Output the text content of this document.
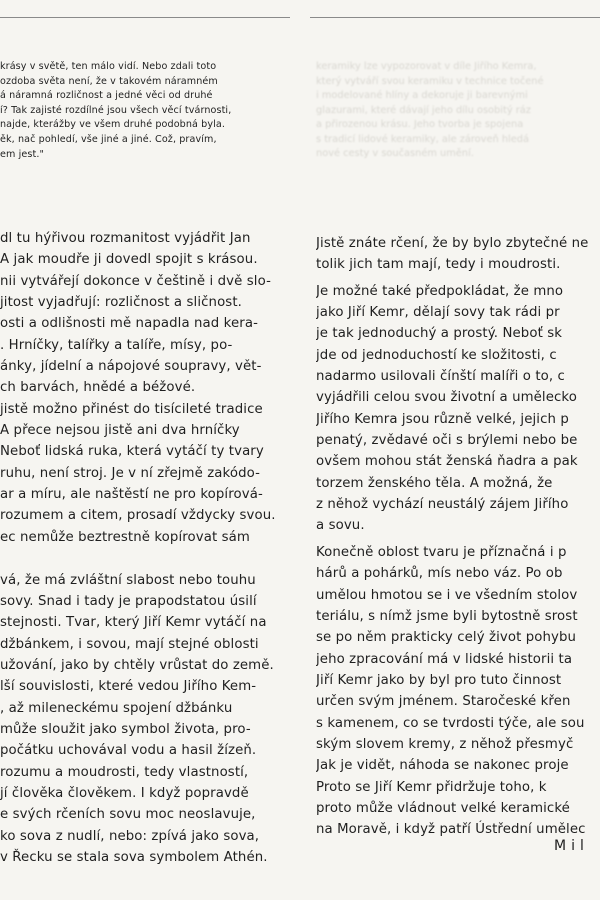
krásy v světě, ten málo vidí. Nebo zdali toto
ozdoba světa není, že v takovém náramném
á náramná rozličnost a jedné věci od druhé
í? Tak zajisté rozdílné jsou všech věcí tvárnosti,
najde, kterážby ve všem druhé podobná byla.
ěk, nač pohledí, vše jiné a jiné. Což, pravím,
em jest."
keramiky lze vypozorovat v díle Jiřího Kemra,
který vytváří svou keramiku v technice točené
i modelované hlíny a dekoruje ji barevnými
glazurami, které dávají jeho dílu osobitý ráz
a přirozenou krásu. Jeho tvorba je spojena
s tradicí lidové keramiky, ale zároveň hledá
nové cesty v současném umění.
dl tu hýřivou rozmanitost vyjádřit Jan
A jak moudře ji dovedl spojit s krásou.
nii vytvářejí dokonce v češtině i dvě slo-
jitost vyjadřují: rozličnost a sličnost.
osti a odlišnosti mě napadla nad kera-
. Hrníčky, talířky a talíře, mísy, po-
ánky, jídelní a nápojové soupravy, vět-
ch barvách, hnědé a béžové.
jistě možno přinést do tisícileté tradice
A přece nejsou jistě ani dva hrníčky
Neboť lidská ruka, která vytáčí ty tvary
ruhu, není stroj. Je v ní zřejmě zakódo-
ar a míru, ale naštěstí ne pro kopírová-
rozumem a citem, prosadí vždycky svou.
ec nemůže beztrestně kopírovat sám
vá, že má zvláštní slabost nebo touhu
sovy. Snad i tady je prapodstatou úsilí
stejnosti. Tvar, který Jiří Kemr vytáčí na
džbánkem, i sovou, mají stejné oblosti
užování, jako by chtěly vrůstat do země.
lší souvislosti, které vedou Jiřího Kem-
, až mileneckému spojení džbánku
může sloužit jako symbol života, pro-
počátku uchovával vodu a hasil žízeň.
rozumu a moudrosti, tedy vlastností,
jí člověka člověkem. I když popravdě
e svých rčeních sovu moc neoslavuje,
ko sova z nudlí, nebo: zpívá jako sova,
v Řecku se stala sova symbolem Athén.
Jistě znáte rčení, že by bylo zbytečné ne
tolik jich tam mají, tedy i moudrosti.
Je možné také předpokládat, že mno
jako Jiří Kemr, dělají sovy tak rádi pr
je tak jednoduchý a prostý. Neboť sk
jde od jednoduchostí ke složitosti, c
nadarmo usilovali čínští malíři o to, c
vyjádřili celou svou životní a umělecko
Jiřího Kemra jsou různě velké, jejich p
penatý, zvědavé oči s brýlemi nebo be
ovšem mohou stát ženská ňadra a pak
torzem ženského těla. A možná, že
z něhož vychází neustálý zájem Jiřího
a sovu.
Konečně oblost tvaru je příznačná i p
hárů a pohárků, mís nebo váz. Po ob
umělou hmotou se i ve všedním stolov
teriálu, s nímž jsme byli bytostně srost
se po něm prakticky celý život pohybu
jeho zpracování má v lidské historii ta
Jiří Kemr jako by byl pro tuto činnost
určen svým jménem. Staročeské křen
s kamenem, co se tvrdosti týče, ale sou
ským slovem kremy, z něhož přesmyč
Jak je vidět, náhoda se nakonec proje
Proto se Jiří Kemr přidržuje toho, k
proto může vládnout velké keramické
na Moravě, i když patří Ústřední umělec
Mil
